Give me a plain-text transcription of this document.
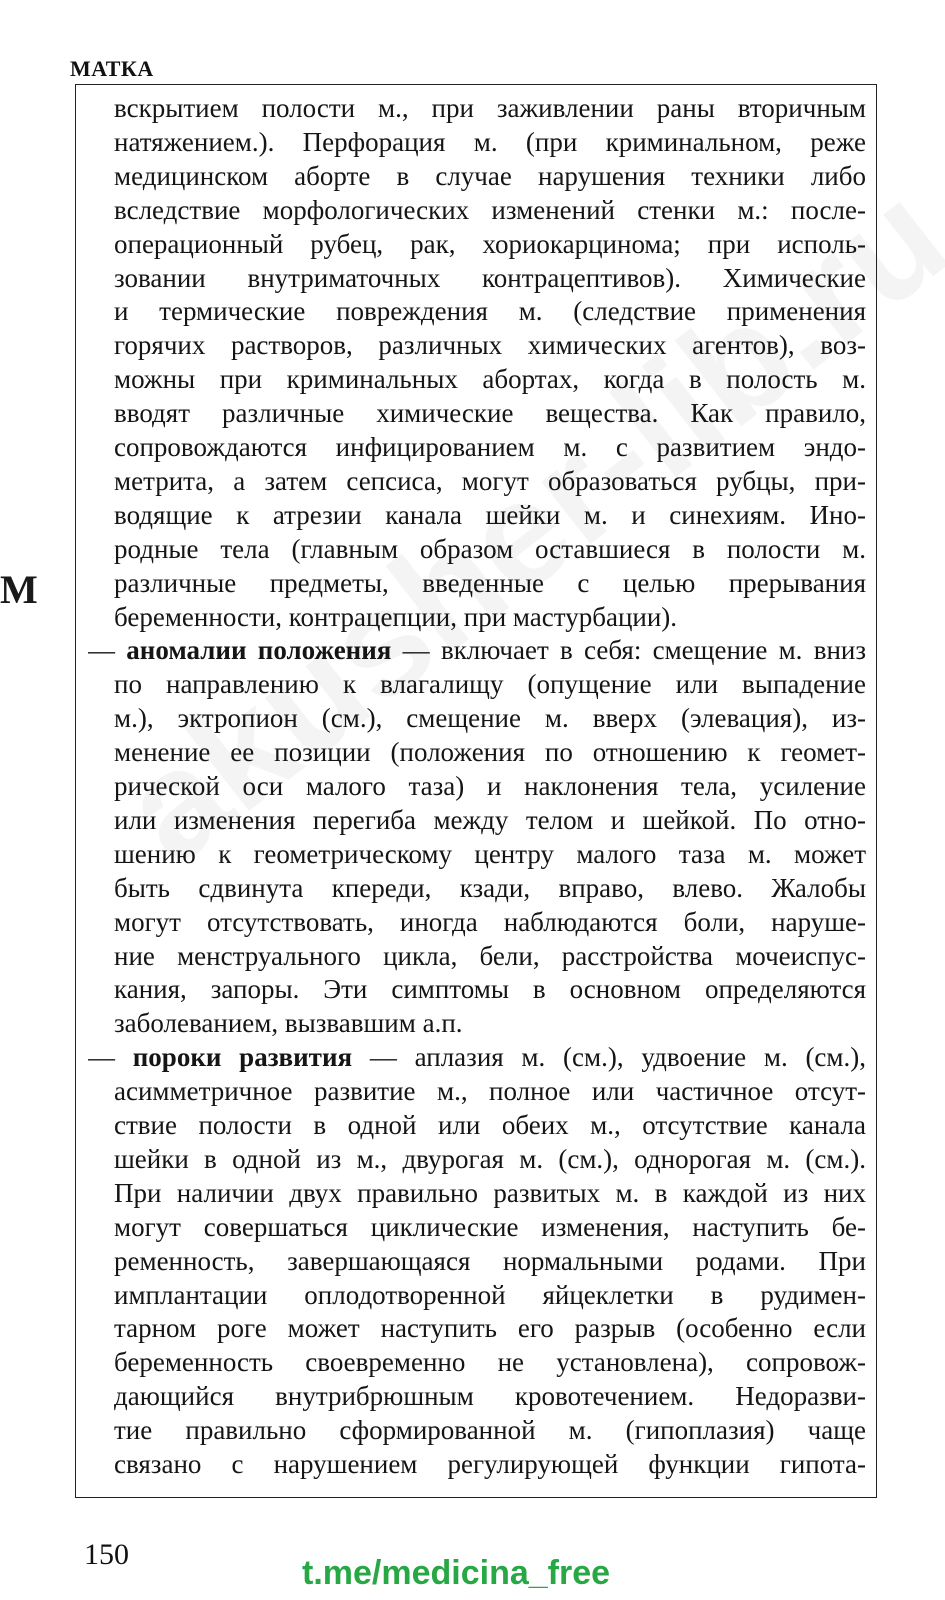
МАТКА
М
вскрытием полости м., при заживлении раны вторичным
натяжением.). Перфорация м. (при криминальном, реже
медицинском аборте в случае нарушения техники либо
вследствие морфологических изменений стенки м.: после-
операционный рубец, рак, хориокарцинома; при исполь-
зовании внутриматочных контрацептивов). Химические
и термические повреждения м. (следствие применения
горячих растворов, различных химических агентов), воз-
можны при криминальных абортах, когда в полость м.
вводят различные химические вещества. Как правило,
сопровождаются инфицированием м. с развитием эндо-
метрита, а затем сепсиса, могут образоваться рубцы, при-
водящие к атрезии канала шейки м. и синехиям. Ино-
родные тела (главным образом оставшиеся в полости м.
различные предметы, введенные с целью прерывания
беременности, контрацепции, при мастурбации).
— аномалии положения — включает в себя: смещение м. вниз
по направлению к влагалищу (опущение или выпадение
м.), эктропион (см.), смещение м. вверх (элевация), из-
менение ее позиции (положения по отношению к геомет-
рической оси малого таза) и наклонения тела, усиление
или изменения перегиба между телом и шейкой. По отно-
шению к геометрическому центру малого таза м. может
быть сдвинута кпереди, кзади, вправо, влево. Жалобы
могут отсутствовать, иногда наблюдаются боли, наруше-
ние менструального цикла, бели, расстройства мочеиспус-
кания, запоры. Эти симптомы в основном определяются
заболеванием, вызвавшим а.п.
— пороки развития — аплазия м. (см.), удвоение м. (см.),
асимметричное развитие м., полное или частичное отсут-
ствие полости в одной или обеих м., отсутствие канала
шейки в одной из м., двурогая м. (см.), однорогая м. (см.).
При наличии двух правильно развитых м. в каждой из них
могут совершаться циклические изменения, наступить бе-
ременность, завершающаяся нормальными родами. При
имплантации оплодотворенной яйцеклетки в рудимен-
тарном роге может наступить его разрыв (особенно если
беременность своевременно не установлена), сопровож-
дающийся внутрибрюшным кровотечением. Недоразви-
тие правильно сформированной м. (гипоплазия) чаще
связано с нарушением регулирующей функции гипота-
150	t.me/medicina_free
